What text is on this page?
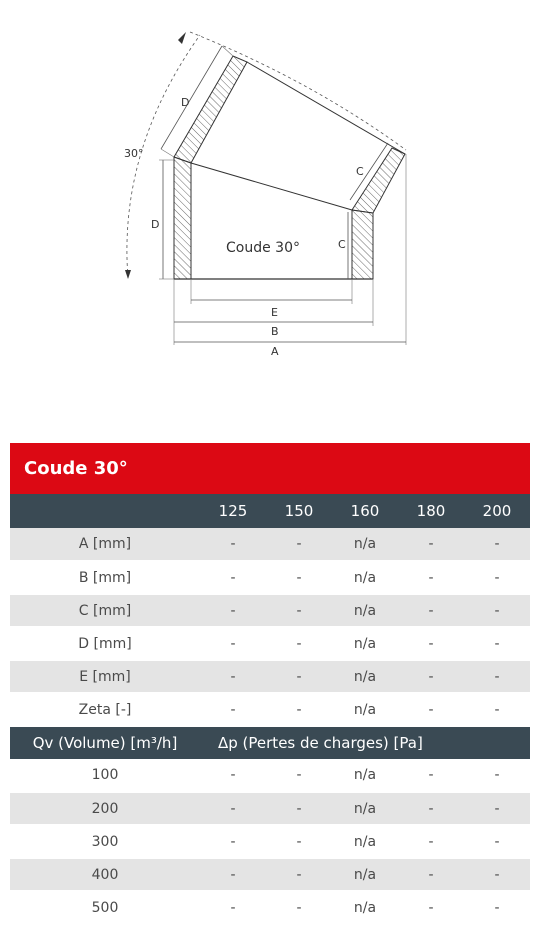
30°
D
D
C
C
E
B
A
Coude 30°
Coude 30°
	125	150	160	180	200
A [mm]	-	-	n/a	-	-
B [mm]	-	-	n/a	-	-
C [mm]	-	-	n/a	-	-
D [mm]	-	-	n/a	-	-
E [mm]	-	-	n/a	-	-
Zeta [-]	-	-	n/a	-	-
Qv (Volume) [m³/h]	Δp (Pertes de charges) [Pa]				
100	-	-	n/a	-	-
200	-	-	n/a	-	-
300	-	-	n/a	-	-
400	-	-	n/a	-	-
500	-	-	n/a	-	-
